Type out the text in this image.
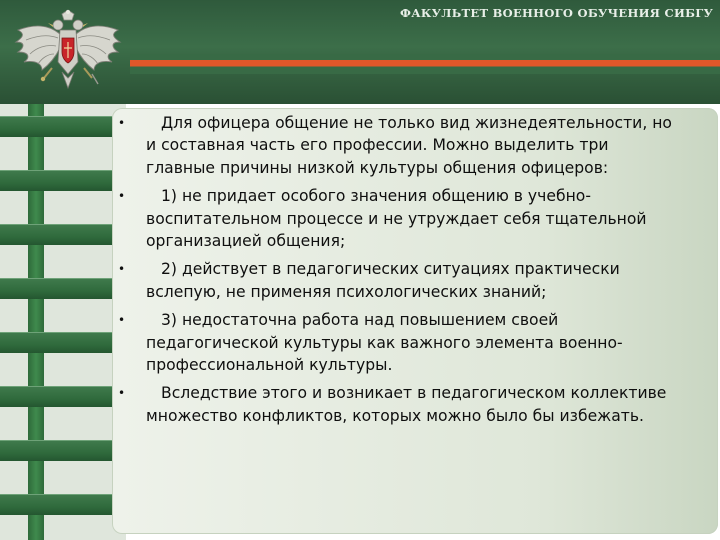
ФАКУЛЬТЕТ ВОЕННОГО ОБУЧЕНИЯ СИБГУ
•	Для офицера общение не только вид жизнедеятельности, но и составная часть его профессии. Можно выделить три главные причины низкой культуры общения офицеров:
•	1) не придает особого значения общению в учебно-воспитательном процессе и не утруждает себя тщательной организацией общения;
•	2) действует в педагогических ситуациях практически вслепую, не применяя психологических знаний;
•	3) недостаточна работа над повышением своей педагогической культуры как важного элемента военно-профессиональной культуры.
•	Вследствие этого и возникает в педагогическом коллективе множество конфликтов, которых можно было бы избежать.
